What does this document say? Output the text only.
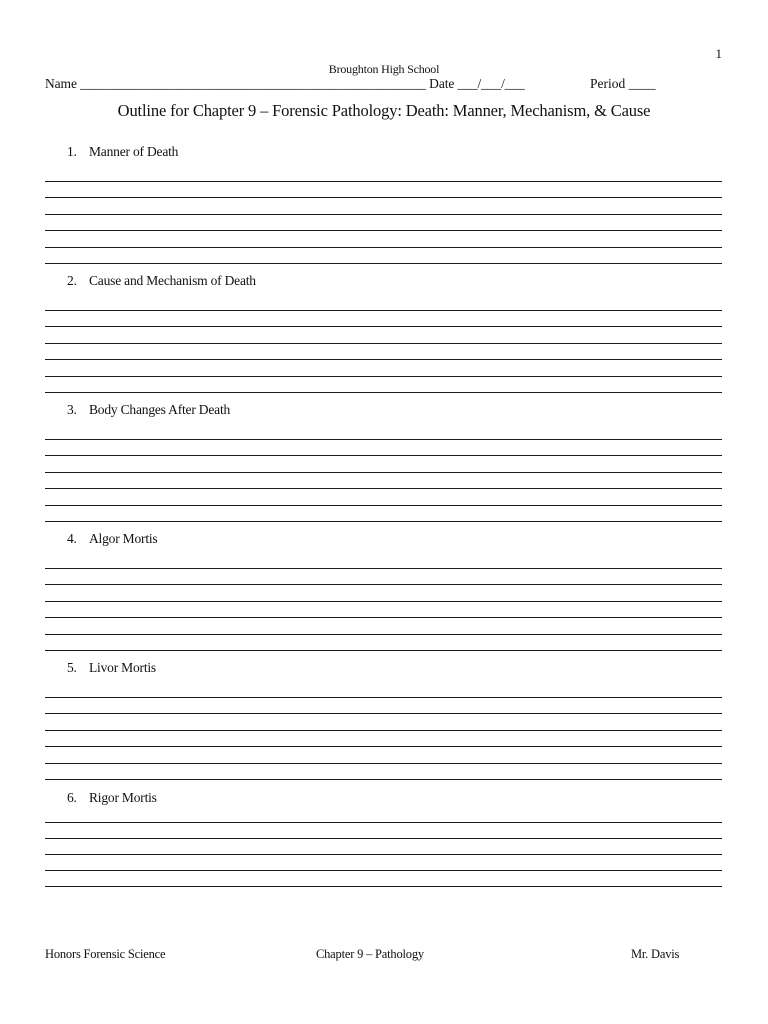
1
Broughton High School
Name ____________________________________________________ Date ___/___/___	Period ____
Outline for Chapter 9 – Forensic Pathology: Death: Manner, Mechanism, & Cause
1. Manner of Death
2. Cause and Mechanism of Death
3. Body Changes After Death
4. Algor Mortis
5. Livor Mortis
6. Rigor Mortis
Honors Forensic Science	Chapter 9 – Pathology	Mr. Davis
